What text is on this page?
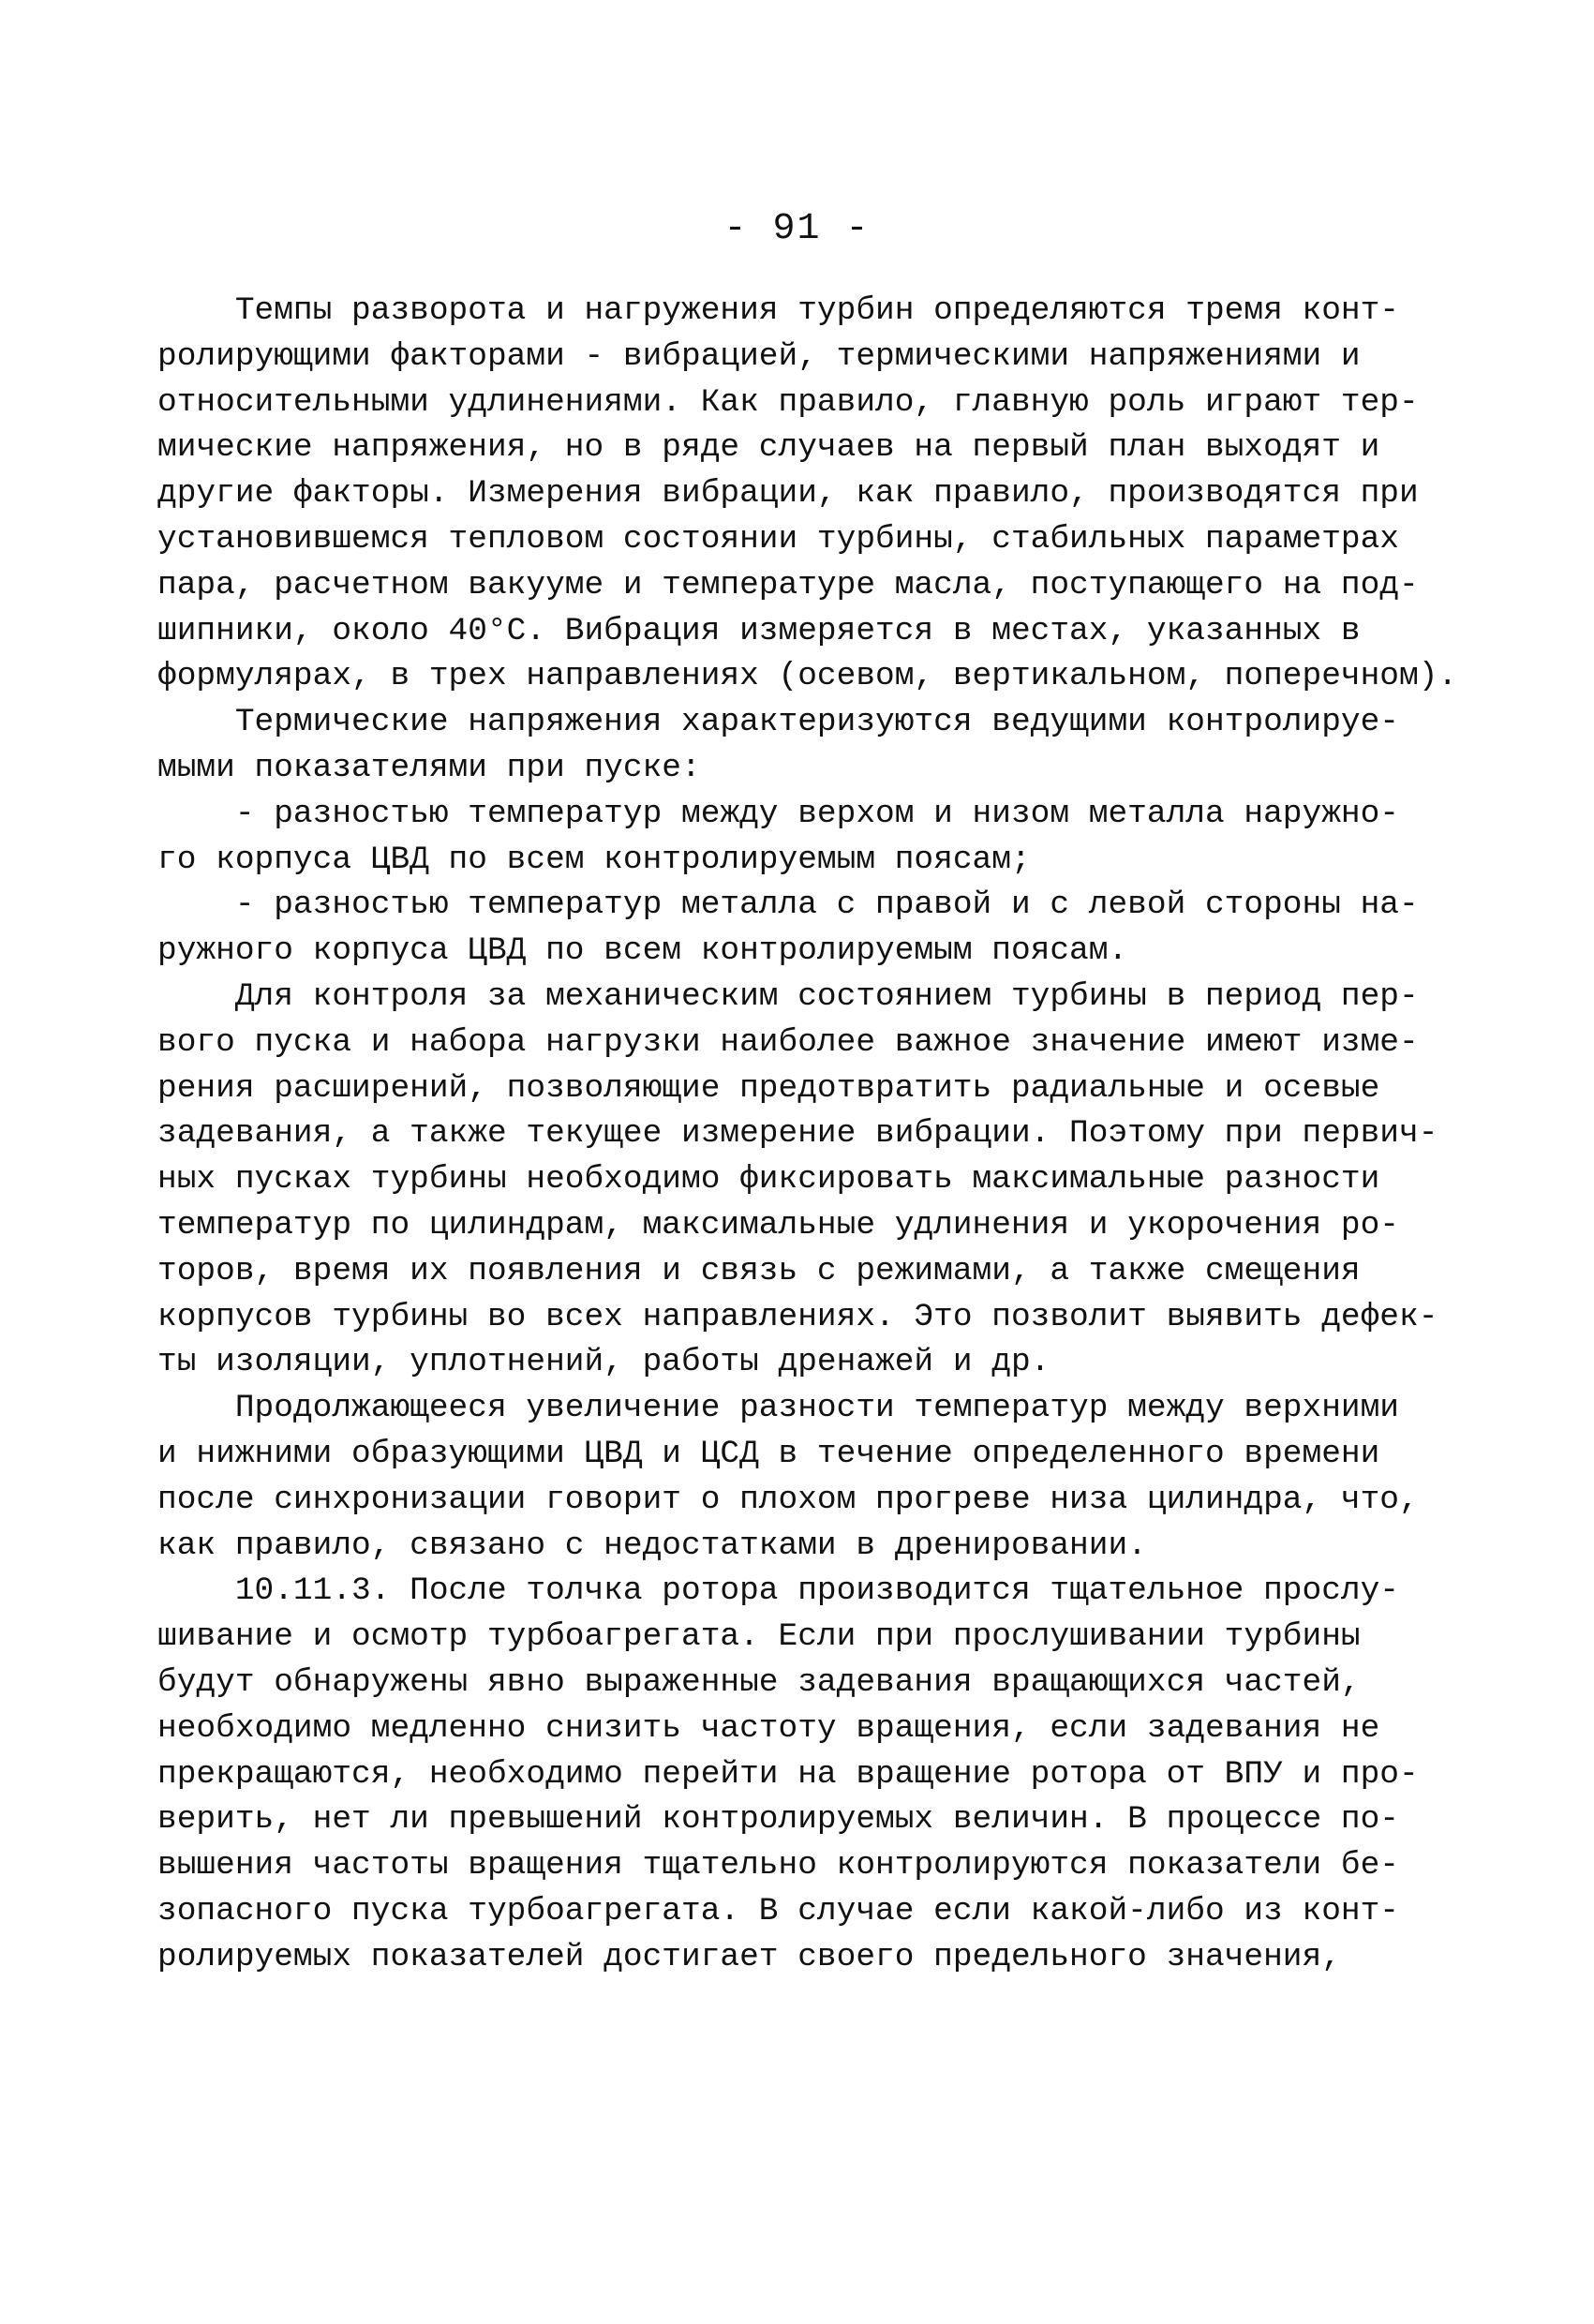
- 91 -
Темпы разворота и нагружения турбин определяются тремя конт-
ролирующими факторами - вибрацией, термическими напряжениями и
относительными удлинениями. Как правило, главную роль играют тер-
мические напряжения, но в ряде случаев на первый план выходят и
другие факторы. Измерения вибрации, как правило, производятся при
установившемся тепловом состоянии турбины, стабильных параметрах
пара, расчетном вакууме и температуре масла, поступающего на под-
шипники, около 40°С. Вибрация измеряется в местах, указанных в
формулярах, в трех направлениях (осевом, вертикальном, поперечном).
Термические напряжения характеризуются ведущими контролируе-
мыми показателями при пуске:
- разностью температур между верхом и низом металла наружно-
го корпуса ЦВД по всем контролируемым поясам;
- разностью температур металла с правой и с левой стороны на-
ружного корпуса ЦВД по всем контролируемым поясам.
Для контроля за механическим состоянием турбины в период пер-
вого пуска и набора нагрузки наиболее важное значение имеют изме-
рения расширений, позволяющие предотвратить радиальные и осевые
задевания, а также текущее измерение вибрации. Поэтому при первич-
ных пусках турбины необходимо фиксировать максимальные разности
температур по цилиндрам, максимальные удлинения и укорочения ро-
торов, время их появления и связь с режимами, а также смещения
корпусов турбины во всех направлениях. Это позволит выявить дефек-
ты изоляции, уплотнений, работы дренажей и др.
Продолжающееся увеличение разности температур между верхними
и нижними образующими ЦВД и ЦСД в течение определенного времени
после синхронизации говорит о плохом прогреве низа цилиндра, что,
как правило, связано с недостатками в дренировании.
10.11.3. После толчка ротора производится тщательное прослу-
шивание и осмотр турбоагрегата. Если при прослушивании турбины
будут обнаружены явно выраженные задевания вращающихся частей,
необходимо медленно снизить частоту вращения, если задевания не
прекращаются, необходимо перейти на вращение ротора от ВПУ и про-
верить, нет ли превышений контролируемых величин. В процессе по-
вышения частоты вращения тщательно контролируются показатели бе-
зопасного пуска турбоагрегата. В случае если какой-либо из конт-
ролируемых показателей достигает своего предельного значения,
